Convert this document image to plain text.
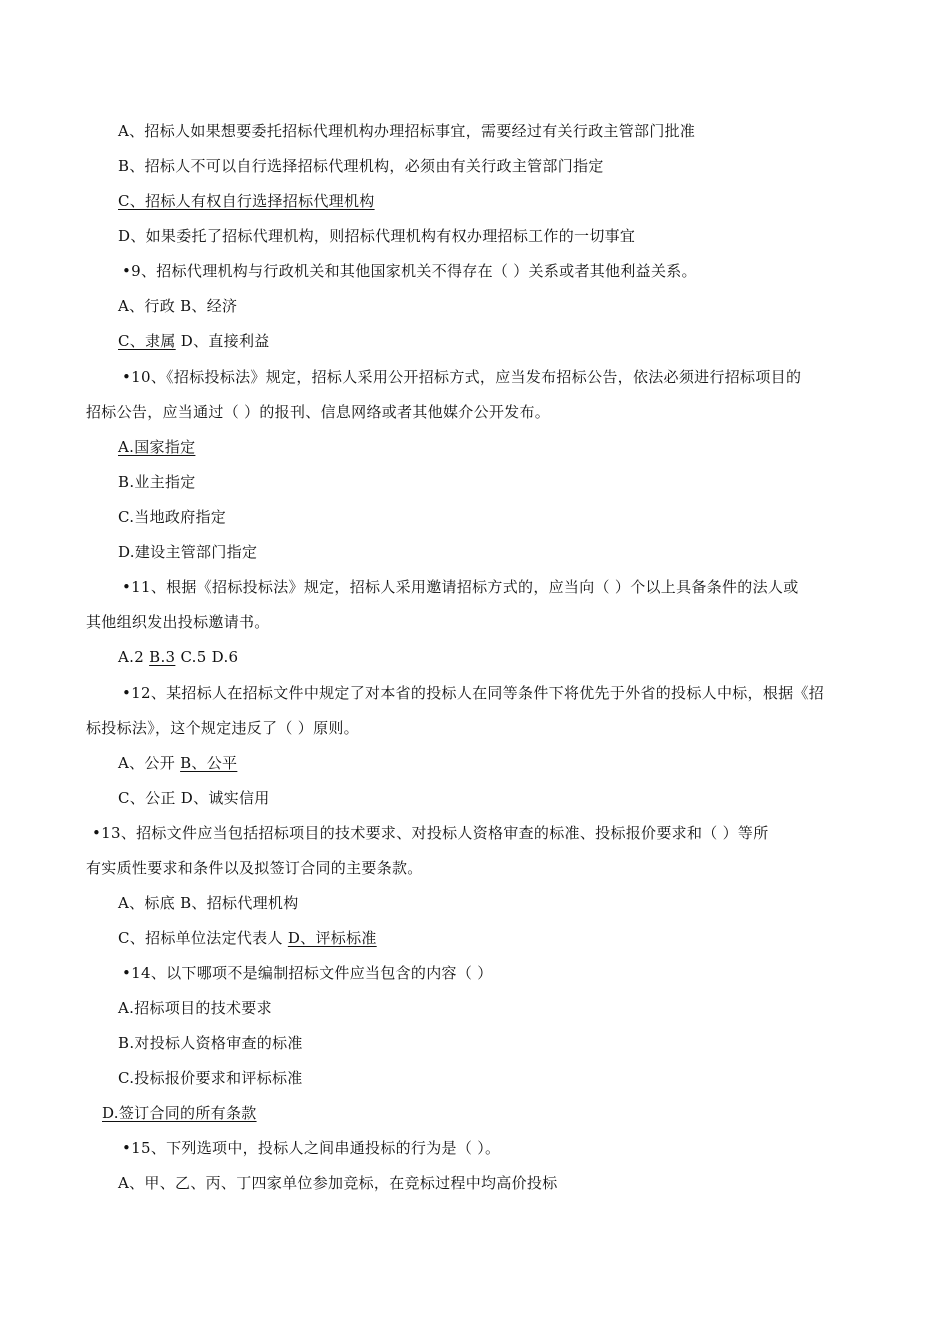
A、招标人如果想要委托招标代理机构办理招标事宜，需要经过有关行政主管部门批准
B、招标人不可以自行选择招标代理机构，必须由有关行政主管部门指定
C、招标人有权自行选择招标代理机构
D、如果委托了招标代理机构，则招标代理机构有权办理招标工作的一切事宜
•9、招标代理机构与行政机关和其他国家机关不得存在（ ）关系或者其他利益关系。
A、行政 B、经济
C、隶属 D、直接利益
•10、《招标投标法》规定，招标人采用公开招标方式，应当发布招标公告，依法必须进行招标项目的
招标公告，应当通过（ ）的报刊、信息网络或者其他媒介公开发布。
A.国家指定
B.业主指定
C.当地政府指定
D.建设主管部门指定
•11、根据《招标投标法》规定，招标人采用邀请招标方式的，应当向（ ）个以上具备条件的法人或
其他组织发出投标邀请书。
A.2 B.3 C.5 D.6
•12、某招标人在招标文件中规定了对本省的投标人在同等条件下将优先于外省的投标人中标，根据《招
标投标法》，这个规定违反了（ ）原则。
A、公开 B、公平
C、公正 D、诚实信用
•13、招标文件应当包括招标项目的技术要求、对投标人资格审查的标准、投标报价要求和（ ）等所
有实质性要求和条件以及拟签订合同的主要条款。
A、标底 B、招标代理机构
C、招标单位法定代表人 D、评标标准
•14、以下哪项不是编制招标文件应当包含的内容（ ）
A.招标项目的技术要求
B.对投标人资格审查的标准
C.投标报价要求和评标标准
D.签订合同的所有条款
•15、下列选项中，投标人之间串通投标的行为是（ ）。
A、甲、乙、丙、丁四家单位参加竞标，在竞标过程中均高价投标
